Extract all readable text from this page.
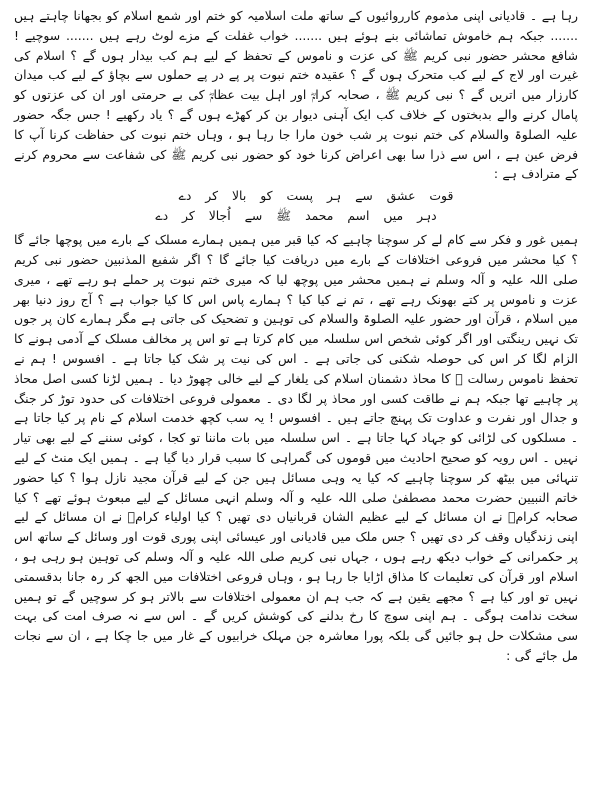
رہا ہے ۔ قادیانی اپنی مذموم کارروائیوں کے ساتھ ملت اسلامیہ کو ختم اور شمع اسلام کو بجھانا چاہتے ہیں ....... جبکہ ہم خاموش تماشائی بنے ہوئے ہیں ....... خواب غفلت کے مزے لوٹ رہے ہیں ....... سوچیے ! شافع محشر حضور نبی کریم ﷺ کی عزت و ناموس کے تحفظ کے لیے ہم کب بیدار ہوں گے ؟ اسلام کی غیرت اور لاج کے لیے کب متحرک ہوں گے ؟ عقیدہ ختم نبوت پر پے در پے حملوں سے بچاؤ کے لیے کب میدان کارزار میں اتریں گے ؟ نبی کریم ﷺ ، صحابہ کرامؓ اور اہل بیت عظامؓ کی بے حرمتی اور ان کی عزتوں کو پامال کرنے والے بدبختوں کے خلاف کب ایک آہنی دیوار بن کر کھڑے ہوں گے ؟ یاد رکھیے ! جس جگہ حضور علیہ الصلوۃ والسلام کی ختم نبوت پر شب خون مارا جا رہا ہو ، وہاں ختم نبوت کی حفاظت کرنا آپ کا فرض عین ہے ، اس سے ذرا سا بھی اعراض کرنا خود کو حضور نبی کریم ﷺ کی شفاعت سے محروم کرنے کے مترادف ہے :

قوت عشق سے ہر پست کو بالا کر دے
دہر میں اسم محمد ﷺ سے اُجالا کر دے

ہمیں غور و فکر سے کام لے کر سوچنا چاہیے کہ کیا قبر میں ہمیں ہمارے مسلک کے بارے میں پوچھا جائے گا ؟ کیا محشر میں فروعی اختلافات کے بارے میں دریافت کیا جائے گا ؟ اگر شفیع المذنبین حضور نبی کریم صلی اللہ علیہ و آلہ وسلم نے ہمیں محشر میں پوچھ لیا کہ میری ختم نبوت پر حملے ہو رہے تھے ، میری عزت و ناموس پر کتے بھونک رہے تھے ، تم نے کیا کیا ؟ ہمارے پاس اس کا کیا جواب ہے ؟ آج روز دنیا بھر میں اسلام ، قرآن اور حضور علیہ الصلوۃ والسلام کی توہین و تضحیک کی جاتی ہے مگر ہمارے کان پر جوں تک نہیں رینگتی اور اگر کوئی شخص اس سلسلہ میں کام کرتا ہے تو اس پر مخالف مسلک کے آدمی ہونے کا الزام لگا کر اس کی حوصلہ شکنی کی جاتی ہے ۔ اس کی نیت پر شک کیا جاتا ہے ۔ افسوس ! ہم نے تحفظ ناموس رسالت ﷺ کا محاذ دشمنان اسلام کی یلغار کے لیے خالی چھوڑ دیا ۔ ہمیں لڑنا کسی اصل محاذ پر چاہیے تھا جبکہ ہم نے طاقت کسی اور محاذ پر لگا دی ۔ معمولی فروعی اختلافات کی حدود توڑ کر جنگ و جدال اور نفرت و عداوت تک پہنچ جاتے ہیں ۔ افسوس ! یہ سب کچھ خدمت اسلام کے نام پر کیا جاتا ہے ۔ مسلکوں کی لڑائی کو جہاد کہا جاتا ہے ۔ اس سلسلہ میں بات ماننا تو کجا ، کوئی سننے کے لیے بھی تیار نہیں ۔ اس رویہ کو صحیح احادیث میں قوموں کی گمراہی کا سبب قرار دیا گیا ہے ۔ ہمیں ایک منٹ کے لیے تنہائی میں بیٹھ کر سوچنا چاہیے کہ کیا یہ وہی مسائل ہیں جن کے لیے قرآن مجید نازل ہوا ؟ کیا حضور خاتم النبیین حضرت محمد مصطفیٰ صلی اللہ علیہ و آلہ وسلم انہی مسائل کے لیے مبعوث ہوئے تھے ؟ کیا صحابہ کرامؓ نے ان مسائل کے لیے عظیم الشان قربانیاں دی تھیں ؟ کیا اولیاء کرامؒ نے ان مسائل کے لیے اپنی زندگیاں وقف کر دی تھیں ؟ جس ملک میں قادیانی اور عیسائی اپنی پوری قوت اور وسائل کے ساتھ اس پر حکمرانی کے خواب دیکھ رہے ہوں ، جہاں نبی کریم صلی اللہ علیہ و آلہ وسلم کی توہین ہو رہی ہو ، اسلام اور قرآن کی تعلیمات کا مذاق اڑایا جا رہا ہو ، وہاں فروعی اختلافات میں الجھ کر رہ جانا بدقسمتی نہیں تو اور کیا ہے ؟ مجھے یقین ہے کہ جب ہم ان معمولی اختلافات سے بالاتر ہو کر سوچیں گے تو ہمیں سخت ندامت ہوگی ۔ ہم اپنی سوچ کا رخ بدلنے کی کوشش کریں گے ۔ اس سے نہ صرف امت کی بہت سی مشکلات حل ہو جائیں گی بلکہ پورا معاشرہ جن مہلک خرابیوں کے غار میں جا چکا ہے ، ان سے نجات مل جائے گی :
